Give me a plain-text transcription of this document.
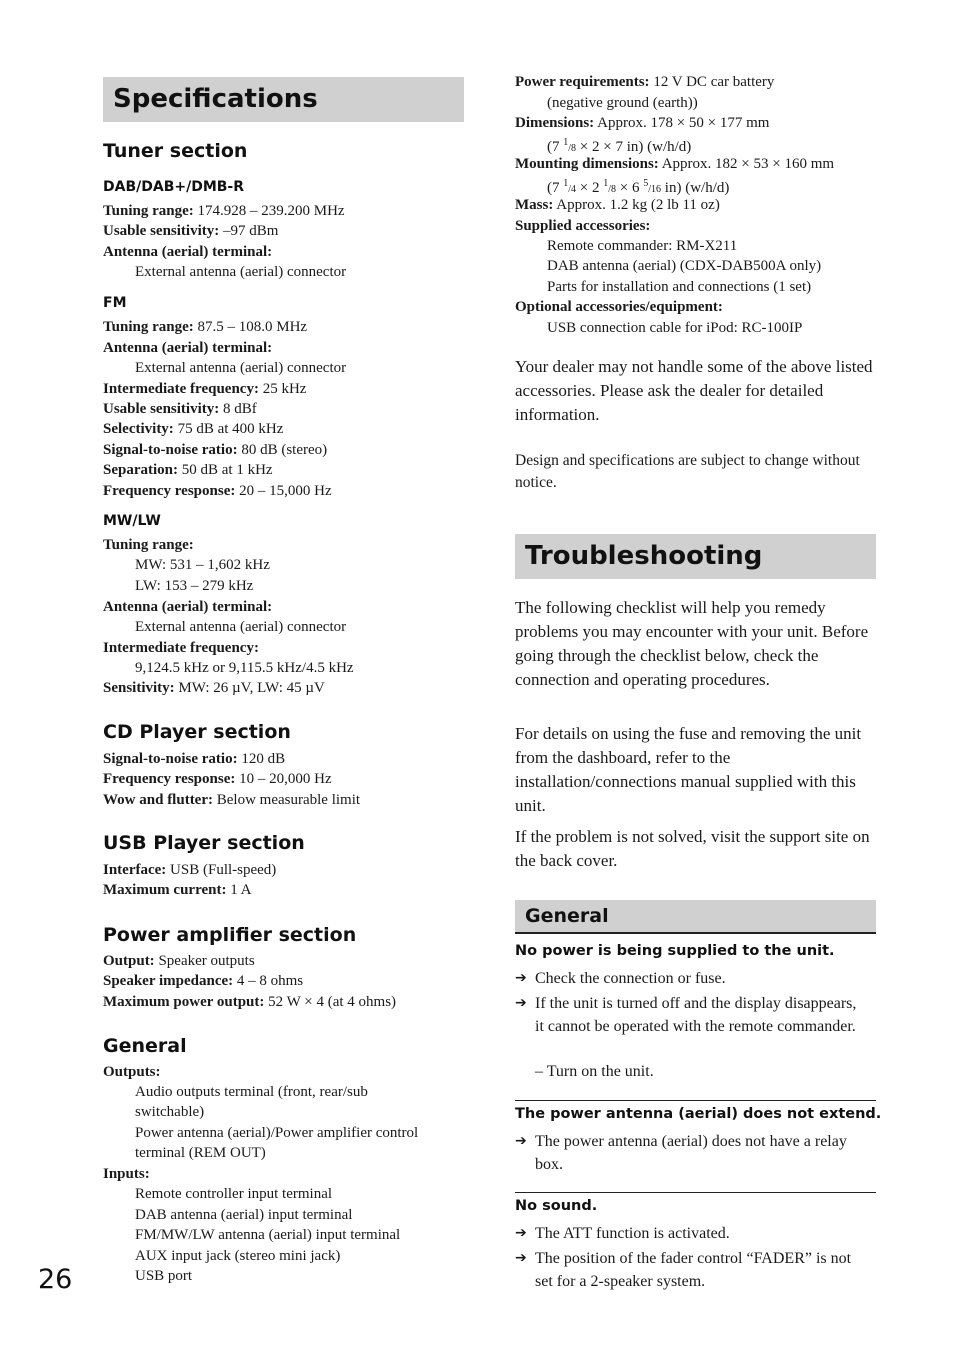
Specifications
Tuner section
DAB/DAB+/DMB-R
Tuning range: 174.928 – 239.200 MHz
Usable sensitivity: –97 dBm
Antenna (aerial) terminal:
External antenna (aerial) connector
FM
Tuning range: 87.5 – 108.0 MHz
Antenna (aerial) terminal:
External antenna (aerial) connector
Intermediate frequency: 25 kHz
Usable sensitivity: 8 dBf
Selectivity: 75 dB at 400 kHz
Signal-to-noise ratio: 80 dB (stereo)
Separation: 50 dB at 1 kHz
Frequency response: 20 – 15,000 Hz
MW/LW
Tuning range:
MW: 531 – 1,602 kHz
LW: 153 – 279 kHz
Antenna (aerial) terminal:
External antenna (aerial) connector
Intermediate frequency:
9,124.5 kHz or 9,115.5 kHz/4.5 kHz
Sensitivity: MW: 26 µV, LW: 45 µV
CD Player section
Signal-to-noise ratio: 120 dB
Frequency response: 10 – 20,000 Hz
Wow and flutter: Below measurable limit
USB Player section
Interface: USB (Full-speed)
Maximum current: 1 A
Power amplifier section
Output: Speaker outputs
Speaker impedance: 4 – 8 ohms
Maximum power output: 52 W × 4 (at 4 ohms)
General
Outputs:
Audio outputs terminal (front, rear/sub
switchable)
Power antenna (aerial)/Power amplifier control
terminal (REM OUT)
Inputs:
Remote controller input terminal
DAB antenna (aerial) input terminal
FM/MW/LW antenna (aerial) input terminal
AUX input jack (stereo mini jack)
USB port
26
Power requirements: 12 V DC car battery
(negative ground (earth))
Dimensions: Approx. 178 × 50 × 177 mm
(7 $^1$/8 × 2 × 7 in) (w/h/d)
Mounting dimensions: Approx. 182 × 53 × 160 mm
(7 $^1$/4 × 2 $^1$/8 × 6 $^5$/16 in) (w/h/d)
Mass: Approx. 1.2 kg (2 lb 11 oz)
Supplied accessories:
Remote commander: RM-X211
DAB antenna (aerial) (CDX-DAB500A only)
Parts for installation and connections (1 set)
Optional accessories/equipment:
USB connection cable for iPod: RC-100IP
Your dealer may not handle some of the above listed accessories. Please ask the dealer for detailed information.
Design and specifications are subject to change without notice.
Troubleshooting
The following checklist will help you remedy problems you may encounter with your unit. Before going through the checklist below, check the connection and operating procedures.
For details on using the fuse and removing the unit from the dashboard, refer to the installation/connections manual supplied with this unit.
If the problem is not solved, visit the support site on the back cover.
General
No power is being supplied to the unit.
➔ Check the connection or fuse.
➔ If the unit is turned off and the display disappears, it cannot be operated with the remote commander.
– Turn on the unit.
The power antenna (aerial) does not extend.
➔ The power antenna (aerial) does not have a relay box.
No sound.
➔ The ATT function is activated.
➔ The position of the fader control “FADER” is not set for a 2-speaker system.
